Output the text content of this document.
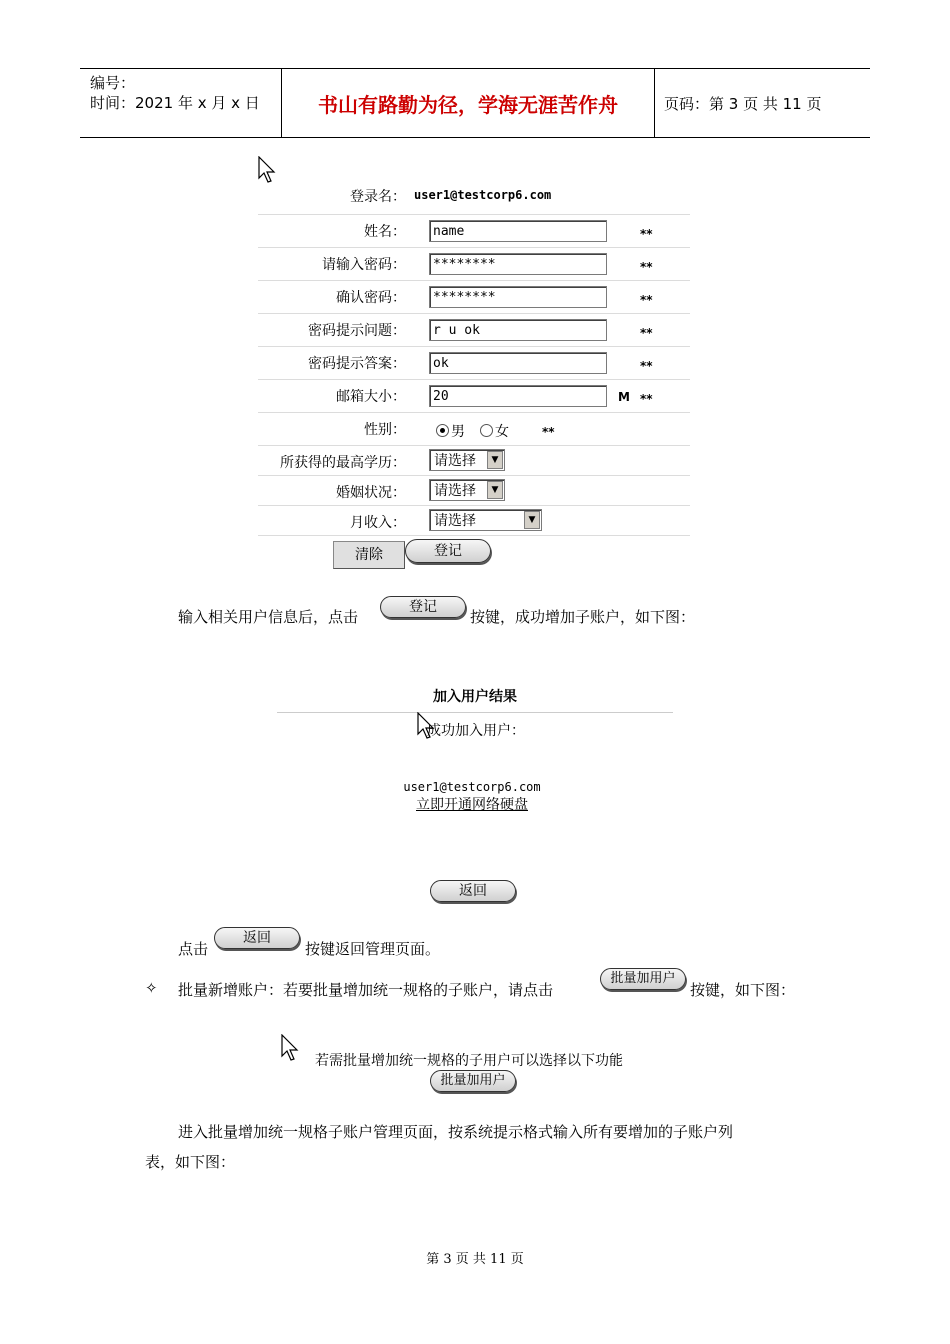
编号：
时间：2021 年 x 月 x 日	书山有路勤为径，学海无涯苦作舟	页码：第 3 页 共 11 页
登录名： user1@testcorp6.com
姓名：	name	**
请输入密码：	********	**
确认密码：	********	**
密码提示问题：	r u ok	**
密码提示答案：	ok	**
邮箱大小：	20	M **
性别：	男	女	**
所获得的最高学历：	请选择	▼
婚姻状况：	请选择	▼
月收入：	请选择	▼
清除	登记
输入相关用户信息后，点击
登记
按键，成功增加子账户，如下图：
加入用户结果
成功加入用户：
user1@testcorp6.com
立即开通网络硬盘
返回
点击
返回
按键返回管理页面。
✧ 批量新增账户：若要批量增加统一规格的子账户，请点击
批量加用户
按键，如下图：
若需批量增加统一规格的子用户可以选择以下功能
批量加用户
进入批量增加统一规格子账户管理页面，按系统提示格式输入所有要增加的子账户列
表，如下图：
第 3 页 共 11 页
